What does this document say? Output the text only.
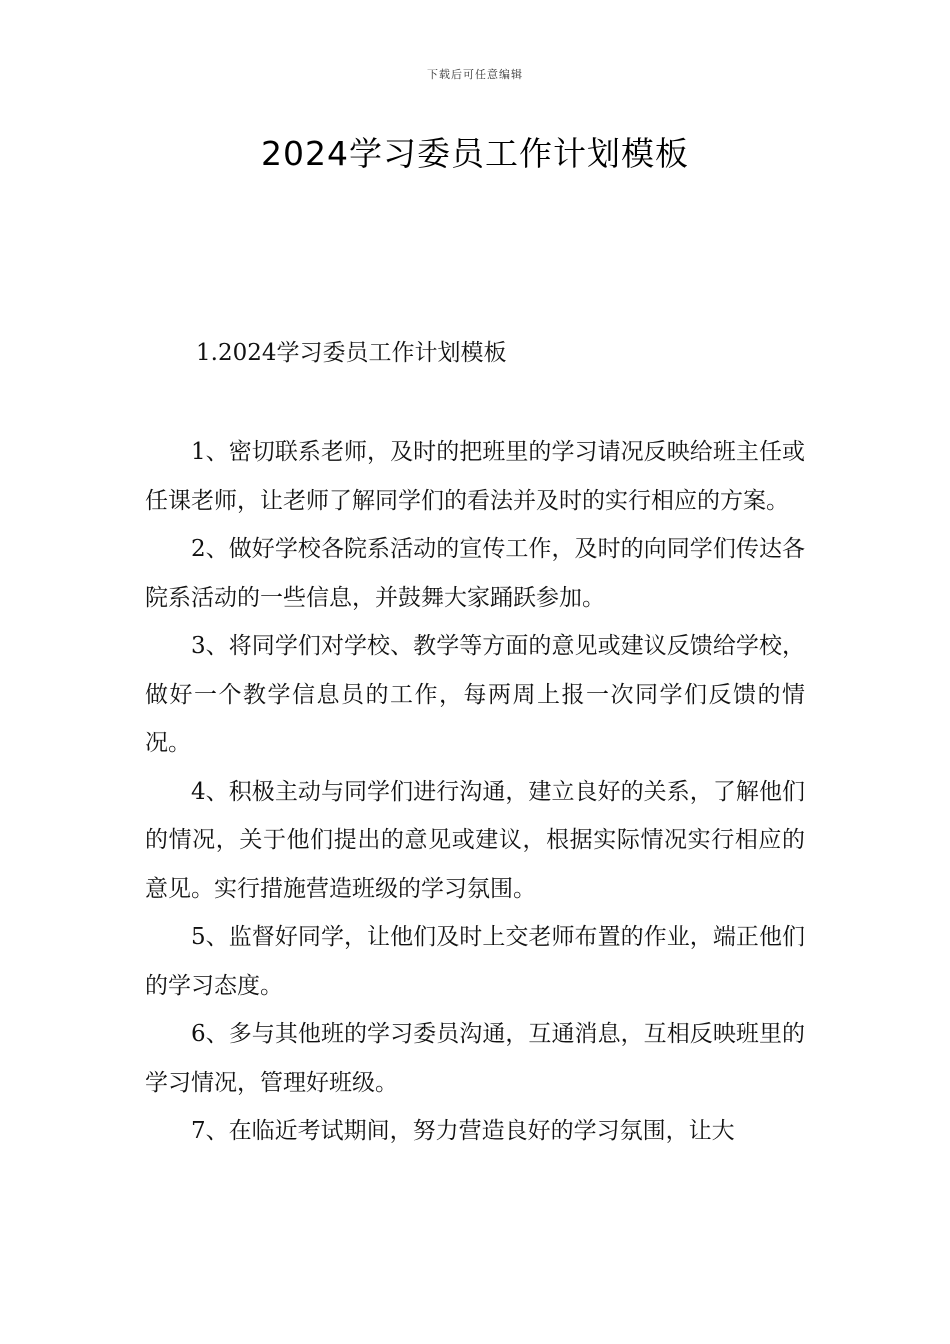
下载后可任意编辑
2024学习委员工作计划模板
1.2024学习委员工作计划模板

1、密切联系老师，及时的把班里的学习请况反映给班主任或任课老师，让老师了解同学们的看法并及时的实行相应的方案。

2、做好学校各院系活动的宣传工作，及时的向同学们传达各院系活动的一些信息，并鼓舞大家踊跃参加。

3、将同学们对学校、教学等方面的意见或建议反馈给学校，做好一个教学信息员的工作，每两周上报一次同学们反馈的情况。

4、积极主动与同学们进行沟通，建立良好的关系，了解他们的情况，关于他们提出的意见或建议，根据实际情况实行相应的意见。实行措施营造班级的学习氛围。

5、监督好同学，让他们及时上交老师布置的作业，端正他们的学习态度。

6、多与其他班的学习委员沟通，互通消息，互相反映班里的学习情况，管理好班级。

7、在临近考试期间，努力营造良好的学习氛围，让大
